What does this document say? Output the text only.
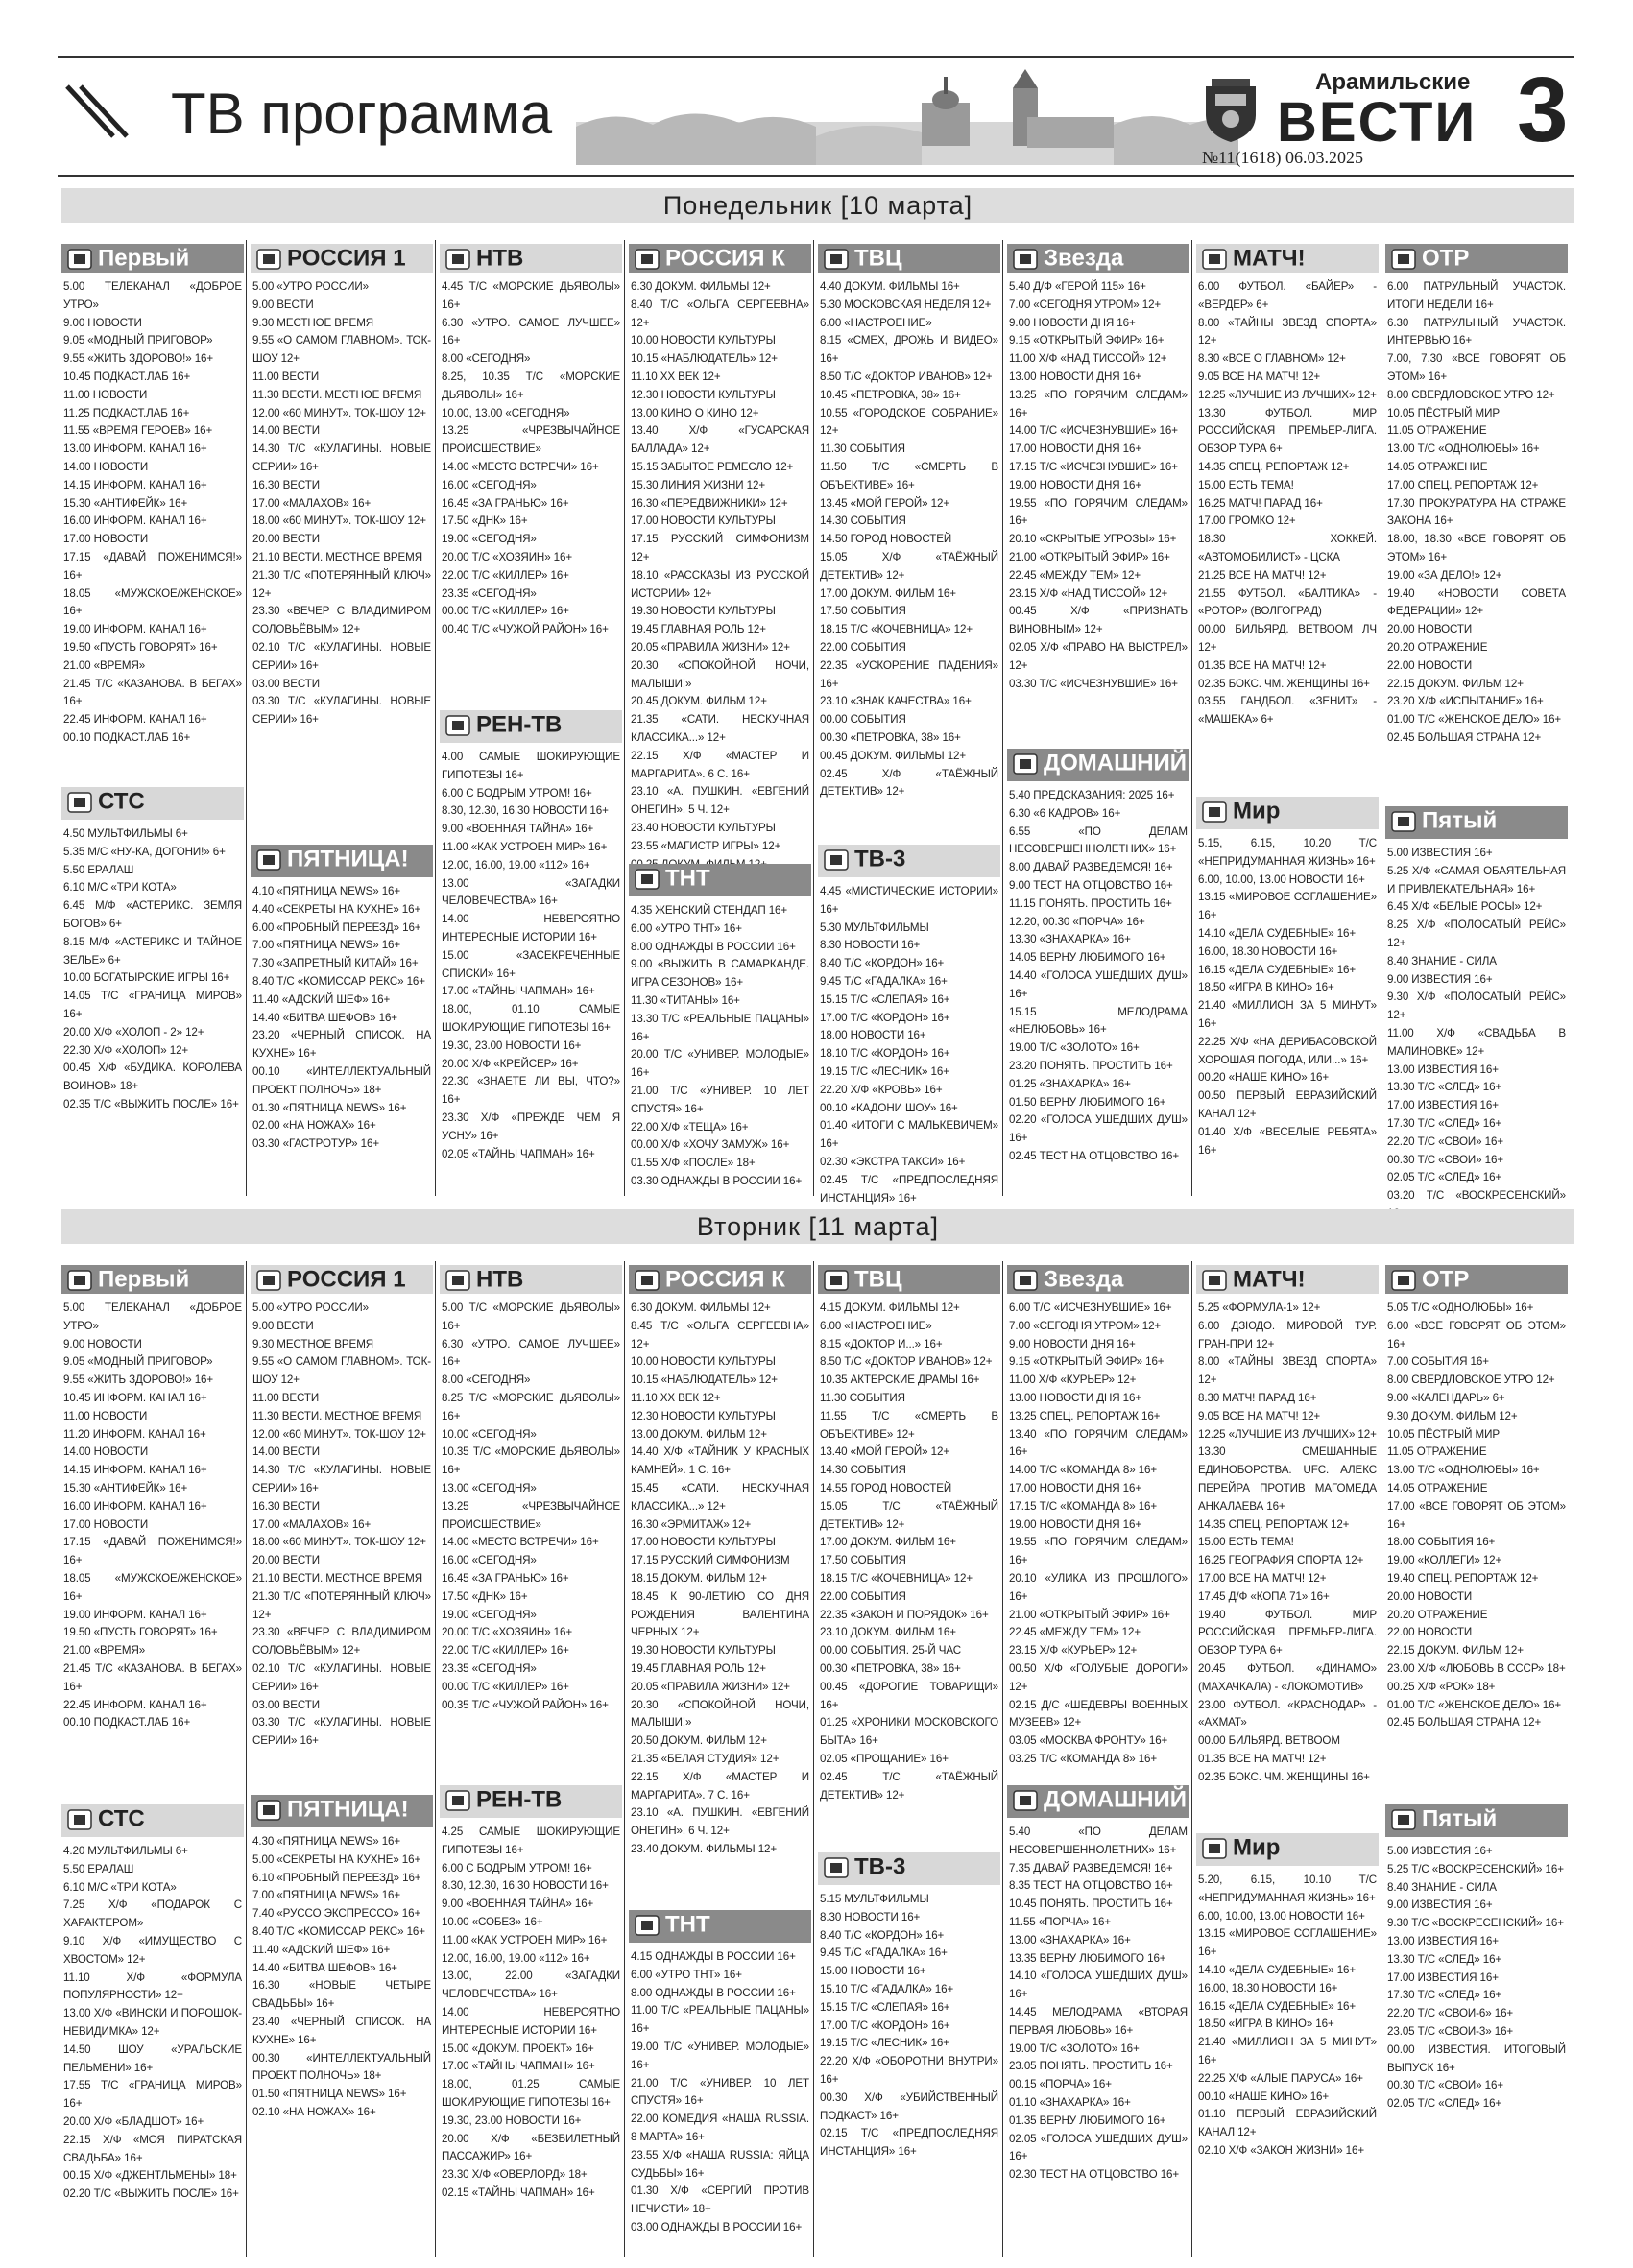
ТВ программа	Арамильские
ВЕСТИ
№11(1618) 06.03.2025 3
Понедельник [10 марта]
Первый
5.00 ТЕЛЕКАНАЛ «ДОБРОЕ УТРО»
9.00 НОВОСТИ
9.05 «МОДНЫЙ ПРИГОВОР»
9.55 «ЖИТЬ ЗДОРОВО!» 16+
10.45 ПОДКАСТ.ЛАБ 16+
11.00 НОВОСТИ
11.25 ПОДКАСТ.ЛАБ 16+
11.55 «ВРЕМЯ ГЕРОЕВ» 16+
13.00 ИНФОРМ. КАНАЛ 16+
14.00 НОВОСТИ
14.15 ИНФОРМ. КАНАЛ 16+
15.30 «АНТИФЕЙК» 16+
16.00 ИНФОРМ. КАНАЛ 16+
17.00 НОВОСТИ
17.15 «ДАВАЙ ПОЖЕНИМСЯ!» 16+
18.05 «МУЖСКОЕ/ЖЕНСКОЕ» 16+
19.00 ИНФОРМ. КАНАЛ 16+
19.50 «ПУСТЬ ГОВОРЯТ» 16+
21.00 «ВРЕМЯ»
21.45 Т/С «КАЗАНОВА. В БЕГАХ» 16+
22.45 ИНФОРМ. КАНАЛ 16+
00.10 ПОДКАСТ.ЛАБ 16+
РОССИЯ 1
5.00 «УТРО РОССИИ»
9.00 ВЕСТИ
9.30 МЕСТНОЕ ВРЕМЯ
9.55 «О САМОМ ГЛАВНОМ». ТОК-ШОУ 12+
11.00 ВЕСТИ
11.30 ВЕСТИ. МЕСТНОЕ ВРЕМЯ
12.00 «60 МИНУТ». ТОК-ШОУ 12+
14.00 ВЕСТИ
14.30 Т/С «КУЛАГИНЫ. НОВЫЕ СЕРИИ» 16+
16.30 ВЕСТИ
17.00 «МАЛАХОВ» 16+
18.00 «60 МИНУТ». ТОК-ШОУ 12+
20.00 ВЕСТИ
21.10 ВЕСТИ. МЕСТНОЕ ВРЕМЯ
21.30 Т/С «ПОТЕРЯННЫЙ КЛЮЧ» 12+
23.30 «ВЕЧЕР С ВЛАДИМИРОМ СОЛОВЬЁВЫМ» 12+
02.10 Т/С «КУЛАГИНЫ. НОВЫЕ СЕРИИ» 16+
03.00 ВЕСТИ
03.30 Т/С «КУЛАГИНЫ. НОВЫЕ СЕРИИ» 16+
НТВ
4.45 Т/С «МОРСКИЕ ДЬЯВОЛЫ» 16+
6.30 «УТРО. САМОЕ ЛУЧШЕЕ» 16+
8.00 «СЕГОДНЯ»
8.25, 10.35 Т/С «МОРСКИЕ ДЬЯВОЛЫ» 16+
10.00, 13.00 «СЕГОДНЯ»
13.25 «ЧРЕЗВЫЧАЙНОЕ ПРОИСШЕСТВИЕ»
14.00 «МЕСТО ВСТРЕЧИ» 16+
16.00 «СЕГОДНЯ»
16.45 «ЗА ГРАНЬЮ» 16+
17.50 «ДНК» 16+
19.00 «СЕГОДНЯ»
20.00 Т/С «ХОЗЯИН» 16+
22.00 Т/С «КИЛЛЕР» 16+
23.35 «СЕГОДНЯ»
00.00 Т/С «КИЛЛЕР» 16+
00.40 Т/С «ЧУЖОЙ РАЙОН» 16+
РОССИЯ К
6.30 ДОКУМ. ФИЛЬМЫ 12+
8.40 Т/С «ОЛЬГА СЕРГЕЕВНА» 12+
10.00 НОВОСТИ КУЛЬТУРЫ
10.15 «НАБЛЮДАТЕЛЬ» 12+
11.10 XX ВЕК 12+
12.30 НОВОСТИ КУЛЬТУРЫ
13.00 КИНО О КИНО 12+
13.40 Х/Ф «ГУСАРСКАЯ БАЛЛАДА» 12+
15.15 ЗАБЫТОЕ РЕМЕСЛО 12+
15.30 ЛИНИЯ ЖИЗНИ 12+
16.30 «ПЕРЕДВИЖНИКИ» 12+
17.00 НОВОСТИ КУЛЬТУРЫ
17.15 РУССКИЙ СИМФОНИЗМ 12+
18.10 «РАССКАЗЫ ИЗ РУССКОЙ ИСТОРИИ» 12+
19.30 НОВОСТИ КУЛЬТУРЫ
19.45 ГЛАВНАЯ РОЛЬ 12+
20.05 «ПРАВИЛА ЖИЗНИ» 12+
20.30 «СПОКОЙНОЙ НОЧИ, МАЛЫШИ!»
20.45 ДОКУМ. ФИЛЬМ 12+
21.35 «САТИ. НЕСКУЧНАЯ КЛАССИКА...» 12+
22.15 Х/Ф «МАСТЕР И МАРГАРИТА». 6 С. 16+
23.10 «А. ПУШКИН. «ЕВГЕНИЙ ОНЕГИН». 5 Ч. 12+
23.40 НОВОСТИ КУЛЬТУРЫ
23.55 «МАГИСТР ИГРЫ» 12+
ТВЦ
4.40 ДОКУМ. ФИЛЬМЫ 16+
5.30 МОСКОВСКАЯ НЕДЕЛЯ 12+
6.00 «НАСТРОЕНИЕ»
8.15 «СМЕХ, ДРОЖЬ И ВИДЕО» 16+
8.50 Т/С «ДОКТОР ИВАНОВ» 12+
10.45 «ПЕТРОВКА, 38» 16+
10.55 «ГОРОДСКОЕ СОБРАНИЕ» 12+
11.30 СОБЫТИЯ
11.50 Т/С «СМЕРТЬ В ОБЪЕКТИВЕ» 16+
13.45 «МОЙ ГЕРОЙ» 12+
14.30 СОБЫТИЯ
14.50 ГОРОД НОВОСТЕЙ
15.05 Х/Ф «ТАЁЖНЫЙ ДЕТЕКТИВ» 12+
17.00 ДОКУМ. ФИЛЬМ 16+
17.50 СОБЫТИЯ
18.15 Т/С «КОЧЕВНИЦА» 12+
22.00 СОБЫТИЯ
22.35 «УСКОРЕНИЕ ПАДЕНИЯ» 16+
23.10 «ЗНАК КАЧЕСТВА» 16+
00.00 СОБЫТИЯ
00.30 «ПЕТРОВКА, 38» 16+
00.45 ДОКУМ. ФИЛЬМЫ 12+
02.45 Х/Ф «ТАЁЖНЫЙ ДЕТЕКТИВ» 12+
Звезда
5.40 Д/Ф «ГЕРОЙ 115» 16+
7.00 «СЕГОДНЯ УТРОМ» 12+
9.00 НОВОСТИ ДНЯ 16+
9.15 «ОТКРЫТЫЙ ЭФИР» 16+
11.00 Х/Ф «НАД ТИССОЙ» 12+
13.00 НОВОСТИ ДНЯ 16+
13.25 «ПО ГОРЯЧИМ СЛЕДАМ» 16+
14.00 Т/С «ИСЧЕЗНУВШИЕ» 16+
17.00 НОВОСТИ ДНЯ 16+
17.15 Т/С «ИСЧЕЗНУВШИЕ» 16+
19.00 НОВОСТИ ДНЯ 16+
19.55 «ПО ГОРЯЧИМ СЛЕДАМ» 16+
20.10 «СКРЫТЫЕ УГРОЗЫ» 16+
21.00 «ОТКРЫТЫЙ ЭФИР» 16+
22.45 «МЕЖДУ ТЕМ» 12+
23.15 Х/Ф «НАД ТИССОЙ» 12+
00.45 Х/Ф «ПРИЗНАТЬ ВИНОВНЫМ» 12+
02.05 Х/Ф «ПРАВО НА ВЫСТРЕЛ» 12+
03.30 Т/С «ИСЧЕЗНУВШИЕ» 16+
МАТЧ!
6.00 ФУТБОЛ. «БАЙЕР» - «ВЕРДЕР» 6+
8.00 «ТАЙНЫ ЗВЕЗД СПОРТА» 12+
8.30 «ВСЕ О ГЛАВНОМ» 12+
9.05 ВСЕ НА МАТЧ! 12+
12.25 «ЛУЧШИЕ ИЗ ЛУЧШИХ» 12+
13.30 ФУТБОЛ. МИР РОССИЙСКАЯ ПРЕМЬЕР-ЛИГА. ОБЗОР ТУРА 6+
14.35 СПЕЦ. РЕПОРТАЖ 12+
15.00 ЕСТЬ ТЕМА!
16.25 МАТЧ! ПАРАД 16+
17.00 ГРОМКО 12+
18.30 ХОККЕЙ. «АВТОМОБИЛИСТ» - ЦСКА
21.25 ВСЕ НА МАТЧ! 12+
21.55 ФУТБОЛ. «БАЛТИКА» - «РОТОР» (ВОЛГОГРАД)
00.00 БИЛЬЯРД. ВЕТВООМ ЛЧ 12+
01.35 ВСЕ НА МАТЧ! 12+
02.35 БОКС. ЧМ. ЖЕНЩИНЫ 16+
03.55 ГАНДБОЛ. «ЗЕНИТ» - «МАШЕКА» 6+
ОТР
6.00 ПАТРУЛЬНЫЙ УЧАСТОК. ИТОГИ НЕДЕЛИ 16+
6.30 ПАТРУЛЬНЫЙ УЧАСТОК. ИНТЕРВЬЮ 16+
7.00, 7.30 «ВСЕ ГОВОРЯТ ОБ ЭТОМ» 16+
8.00 СВЕРДЛОВСКОЕ УТРО 12+
10.05 ПЁСТРЫЙ МИР
11.05 ОТРАЖЕНИЕ
13.00 Т/С «ОДНОЛЮБЫ» 16+
14.05 ОТРАЖЕНИЕ
17.00 СПЕЦ. РЕПОРТАЖ 12+
17.30 ПРОКУРАТУРА НА СТРАЖЕ ЗАКОНА 16+
18.00, 18.30 «ВСЕ ГОВОРЯТ ОБ ЭТОМ» 16+
19.00 «ЗА ДЕЛО!» 12+
19.40 «НОВОСТИ СОВЕТА ФЕДЕРАЦИИ» 12+
20.00 НОВОСТИ
20.20 ОТРАЖЕНИЕ
22.00 НОВОСТИ
22.15 ДОКУМ. ФИЛЬМ 12+
23.20 Х/Ф «ИСПЫТАНИЕ» 16+
01.00 Т/С «ЖЕНСКОЕ ДЕЛО» 16+
02.45 БОЛЬШАЯ СТРАНА 12+
СТС
4.50 МУЛЬТФИЛЬМЫ 6+
5.35 М/С «НУ-КА, ДОГОНИ!» 6+
5.50 ЕРАЛАШ
6.10 М/С «ТРИ КОТА»
6.45 М/Ф «АСТЕРИКС. ЗЕМЛЯ БОГОВ» 6+
8.15 М/Ф «АСТЕРИКС И ТАЙНОЕ ЗЕЛЬЕ» 6+
10.00 БОГАТЫРСКИЕ ИГРЫ 16+
14.05 Т/С «ГРАНИЦА МИРОВ» 16+
20.00 Х/Ф «ХОЛОП - 2» 12+
22.30 Х/Ф «ХОЛОП» 12+
00.45 Х/Ф «БУДИКА. КОРОЛЕВА ВОИНОВ» 18+
02.35 Т/С «ВЫЖИТЬ ПОСЛЕ» 16+
ПЯТНИЦА!
4.10 «ПЯТНИЦА NEWS» 16+
4.40 «СЕКРЕТЫ НА КУХНЕ» 16+
6.00 «ПРОБНЫЙ ПЕРЕЕЗД» 16+
7.00 «ПЯТНИЦА NEWS» 16+
7.30 «ЗАПРЕТНЫЙ КИТАЙ» 16+
8.40 Т/С «КОМИССАР РЕКС» 16+
11.40 «АДСКИЙ ШЕФ» 16+
14.40 «БИТВА ШЕФОВ» 16+
23.20 «ЧЕРНЫЙ СПИСОК. НА КУХНЕ» 16+
00.10 «ИНТЕЛЛЕКТУАЛЬНЫЙ ПРОЕКТ ПОЛНОЧЬ» 18+
01.30 «ПЯТНИЦА NEWS» 16+
02.00 «НА НОЖАХ» 16+
03.30 «ГАСТРОТУР» 16+
РЕН-ТВ
4.00 САМЫЕ ШОКИРУЮЩИЕ ГИПОТЕЗЫ 16+
6.00 С БОДРЫМ УТРОМ! 16+
8.30, 12.30, 16.30 НОВОСТИ 16+
9.00 «ВОЕННАЯ ТАЙНА» 16+
11.00 «КАК УСТРОЕН МИР» 16+
12.00, 16.00, 19.00 «112» 16+
13.00 «ЗАГАДКИ ЧЕЛОВЕЧЕСТВА» 16+
14.00 НЕВЕРОЯТНО ИНТЕРЕСНЫЕ ИСТОРИИ 16+
15.00 «ЗАСЕКРЕЧЕННЫЕ СПИСКИ» 16+
17.00 «ТАЙНЫ ЧАПМАН» 16+
18.00, 01.10 САМЫЕ ШОКИРУЮЩИЕ ГИПОТЕЗЫ 16+
19.30, 23.00 НОВОСТИ 16+
20.00 Х/Ф «КРЕЙСЕР» 16+
22.30 «ЗНАЕТЕ ЛИ ВЫ, ЧТО?» 16+
23.30 Х/Ф «ПРЕЖДЕ ЧЕМ Я УСНУ» 16+
02.05 «ТАЙНЫ ЧАПМАН» 16+
ТНТ
4.35 ЖЕНСКИЙ СТЕНДАП 16+
6.00 «УТРО ТНТ» 16+
8.00 ОДНАЖДЫ В РОССИИ 16+
9.00 «ВЫЖИТЬ В САМАРКАНДЕ. ИГРА СЕЗОНОВ» 16+
11.30 «ТИТАНЫ» 16+
13.30 Т/С «РЕАЛЬНЫЕ ПАЦАНЫ» 16+
20.00 Т/С «УНИВЕР. МОЛОДЫЕ» 16+
21.00 Т/С «УНИВЕР. 10 ЛЕТ СПУСТЯ» 16+
22.00 Х/Ф «ТЕЩА» 16+
00.00 Х/Ф «ХОЧУ ЗАМУЖ» 16+
01.55 Х/Ф «ПОСЛЕ» 18+
03.30 ОДНАЖДЫ В РОССИИ 16+
ТВ-3
4.45 «МИСТИЧЕСКИЕ ИСТОРИИ» 16+
5.30 МУЛЬТФИЛЬМЫ
8.30 НОВОСТИ 16+
8.40 Т/С «КОРДОН» 16+
9.45 Т/С «ГАДАЛКА» 16+
15.15 Т/С «СЛЕПАЯ» 16+
17.00 Т/С «КОРДОН» 16+
18.00 НОВОСТИ 16+
18.10 Т/С «КОРДОН» 16+
19.15 Т/С «ЛЕСНИК» 16+
22.20 Х/Ф «КРОВЬ» 16+
00.10 «КАДОНИ ШОУ» 16+
01.40 «ИТОГИ С МАЛЬКЕВИЧЕМ» 16+
02.30 «ЭКСТРА ТАКСИ» 16+
02.45 Т/С «ПРЕДПОСЛЕДНЯЯ ИНСТАНЦИЯ» 16+
ДОМАШНИЙ
5.40 ПРЕДСКАЗАНИЯ: 2025 16+
6.30 «6 КАДРОВ» 16+
6.55 «ПО ДЕЛАМ НЕСОВЕРШЕННОЛЕТНИХ» 16+
8.00 ДАВАЙ РАЗВЕДЕМСЯ! 16+
9.00 ТЕСТ НА ОТЦОВСТВО 16+
11.15 ПОНЯТЬ. ПРОСТИТЬ 16+
12.20, 00.30 «ПОРЧА» 16+
13.30 «ЗНАХАРКА» 16+
14.05 ВЕРНУ ЛЮБИМОГО 16+
14.40 «ГОЛОСА УШЕДШИХ ДУШ» 16+
15.15 МЕЛОДРАМА «НЕЛЮБОВЬ» 16+
19.00 Т/С «ЗОЛОТО» 16+
23.20 ПОНЯТЬ. ПРОСТИТЬ 16+
01.25 «ЗНАХАРКА» 16+
01.50 ВЕРНУ ЛЮБИМОГО 16+
02.20 «ГОЛОСА УШЕДШИХ ДУШ» 16+
02.45 ТЕСТ НА ОТЦОВСТВО 16+
Мир
5.15, 6.15, 10.20 Т/С «НЕПРИДУМАННАЯ ЖИЗНЬ» 16+
6.00, 10.00, 13.00 НОВОСТИ 16+
13.15 «МИРОВОЕ СОГЛАШЕНИЕ» 16+
14.10 «ДЕЛА СУДЕБНЫЕ» 16+
16.00, 18.30 НОВОСТИ 16+
16.15 «ДЕЛА СУДЕБНЫЕ» 16+
18.50 «ИГРА В КИНО» 16+
21.40 «МИЛЛИОН ЗА 5 МИНУТ» 16+
22.25 Х/Ф «НА ДЕРИБАСОВСКОЙ ХОРОШАЯ ПОГОДА, ИЛИ...» 16+
00.20 «НАШЕ КИНО» 16+
00.50 ПЕРВЫЙ ЕВРАЗИЙСКИЙ КАНАЛ 12+
01.40 Х/Ф «ВЕСЕЛЫЕ РЕБЯТА» 16+
Пятый
5.00 ИЗВЕСТИЯ 16+
5.25 Х/Ф «САМАЯ ОБАЯТЕЛЬНАЯ И ПРИВЛЕКАТЕЛЬНАЯ» 16+
6.45 Х/Ф «БЕЛЫЕ РОСЫ» 12+
8.25 Х/Ф «ПОЛОСАТЫЙ РЕЙС» 12+
8.40 ЗНАНИЕ - СИЛА
9.00 ИЗВЕСТИЯ 16+
9.30 Х/Ф «ПОЛОСАТЫЙ РЕЙС» 12+
11.00 Х/Ф «СВАДЬБА В МАЛИНОВКЕ» 12+
13.00 ИЗВЕСТИЯ 16+
13.30 Т/С «СЛЕД» 16+
17.00 ИЗВЕСТИЯ 16+
17.30 Т/С «СЛЕД» 16+
22.20 Т/С «СВОИ» 16+
00.30 Т/С «СВОИ» 16+
02.05 Т/С «СЛЕД» 16+
03.20 Т/С «ВОСКРЕСЕНСКИЙ»
Вторник [11 марта]
Первый
5.00 ТЕЛЕКАНАЛ «ДОБРОЕ УТРО»
9.00 НОВОСТИ
9.05 «МОДНЫЙ ПРИГОВОР»
9.55 «ЖИТЬ ЗДОРОВО!» 16+
10.45 ИНФОРМ. КАНАЛ 16+
11.00 НОВОСТИ
11.20 ИНФОРМ. КАНАЛ 16+
14.00 НОВОСТИ
14.15 ИНФОРМ. КАНАЛ 16+
15.30 «АНТИФЕЙК» 16+
16.00 ИНФОРМ. КАНАЛ 16+
17.00 НОВОСТИ
17.15 «ДАВАЙ ПОЖЕНИМСЯ!» 16+
18.05 «МУЖСКОЕ/ЖЕНСКОЕ» 16+
19.00 ИНФОРМ. КАНАЛ 16+
19.50 «ПУСТЬ ГОВОРЯТ» 16+
21.00 «ВРЕМЯ»
21.45 Т/С «КАЗАНОВА. В БЕГАХ» 16+
22.45 ИНФОРМ. КАНАЛ 16+
00.10 ПОДКАСТ.ЛАБ 16+
РОССИЯ 1
5.00 «УТРО РОССИИ»
9.00 ВЕСТИ
9.30 МЕСТНОЕ ВРЕМЯ
9.55 «О САМОМ ГЛАВНОМ». ТОК-ШОУ 12+
11.00 ВЕСТИ
11.30 ВЕСТИ. МЕСТНОЕ ВРЕМЯ
12.00 «60 МИНУТ». ТОК-ШОУ 12+
14.00 ВЕСТИ
14.30 Т/С «КУЛАГИНЫ. НОВЫЕ СЕРИИ» 16+
16.30 ВЕСТИ
17.00 «МАЛАХОВ» 16+
18.00 «60 МИНУТ». ТОК-ШОУ 12+
20.00 ВЕСТИ
21.10 ВЕСТИ. МЕСТНОЕ ВРЕМЯ
21.30 Т/С «ПОТЕРЯННЫЙ КЛЮЧ» 12+
23.30 «ВЕЧЕР С ВЛАДИМИРОМ СОЛОВЬЁВЫМ» 12+
02.10 Т/С «КУЛАГИНЫ. НОВЫЕ СЕРИИ» 16+
03.00 ВЕСТИ
03.30 Т/С «КУЛАГИНЫ. НОВЫЕ СЕРИИ» 16+
НТВ
5.00 Т/С «МОРСКИЕ ДЬЯВОЛЫ» 16+
6.30 «УТРО. САМОЕ ЛУЧШЕЕ» 16+
8.00 «СЕГОДНЯ»
8.25 Т/С «МОРСКИЕ ДЬЯВОЛЫ» 16+
10.00 «СЕГОДНЯ»
10.35 Т/С «МОРСКИЕ ДЬЯВОЛЫ» 16+
13.00 «СЕГОДНЯ»
13.25 «ЧРЕЗВЫЧАЙНОЕ ПРОИСШЕСТВИЕ»
14.00 «МЕСТО ВСТРЕЧИ» 16+
16.00 «СЕГОДНЯ»
16.45 «ЗА ГРАНЬЮ» 16+
17.50 «ДНК» 16+
19.00 «СЕГОДНЯ»
20.00 Т/С «ХОЗЯИН» 16+
22.00 Т/С «КИЛЛЕР» 16+
23.35 «СЕГОДНЯ»
00.00 Т/С «КИЛЛЕР» 16+
00.35 Т/С «ЧУЖОЙ РАЙОН» 16+
РОССИЯ К
6.30 ДОКУМ. ФИЛЬМЫ 12+
8.45 Т/С «ОЛЬГА СЕРГЕЕВНА» 12+
10.00 НОВОСТИ КУЛЬТУРЫ
10.15 «НАБЛЮДАТЕЛЬ» 12+
11.10 XX ВЕК 12+
12.30 НОВОСТИ КУЛЬТУРЫ
13.00 ДОКУМ. ФИЛЬМ 12+
14.40 Х/Ф «ТАЙНИК У КРАСНЫХ КАМНЕЙ». 1 С. 16+
15.45 «САТИ. НЕСКУЧНАЯ КЛАССИКА...» 12+
16.30 «ЭРМИТАЖ» 12+
17.00 НОВОСТИ КУЛЬТУРЫ
17.15 РУССКИЙ СИМФОНИЗМ
18.15 ДОКУМ. ФИЛЬМ 12+
18.45 К 90-ЛЕТИЮ СО ДНЯ РОЖДЕНИЯ ВАЛЕНТИНА ЧЕРНЫХ 12+
19.30 НОВОСТИ КУЛЬТУРЫ
19.45 ГЛАВНАЯ РОЛЬ 12+
20.05 «ПРАВИЛА ЖИЗНИ» 12+
20.30 «СПОКОЙНОЙ НОЧИ, МАЛЫШИ!»
20.50 ДОКУМ. ФИЛЬМ 12+
21.35 «БЕЛАЯ СТУДИЯ» 12+
22.15 Х/Ф «МАСТЕР И МАРГАРИТА». 7 С. 16+
23.10 «А. ПУШКИН. «ЕВГЕНИЙ ОНЕГИН». 6 Ч. 12+
23.40 ДОКУМ. ФИЛЬМЫ 12+
ТВЦ
4.15 ДОКУМ. ФИЛЬМЫ 12+
6.00 «НАСТРОЕНИЕ»
8.15 «ДОКТОР И...» 16+
8.50 Т/С «ДОКТОР ИВАНОВ» 12+
10.35 АКТЕРСКИЕ ДРАМЫ 16+
11.30 СОБЫТИЯ
11.55 Т/С «СМЕРТЬ В ОБЪЕКТИВЕ» 12+
13.40 «МОЙ ГЕРОЙ» 12+
14.30 СОБЫТИЯ
14.55 ГОРОД НОВОСТЕЙ
15.05 Т/С «ТАЁЖНЫЙ ДЕТЕКТИВ» 12+
17.00 ДОКУМ. ФИЛЬМ 16+
17.50 СОБЫТИЯ
18.15 Т/С «КОЧЕВНИЦА» 12+
22.00 СОБЫТИЯ
22.35 «ЗАКОН И ПОРЯДОК» 16+
23.10 ДОКУМ. ФИЛЬМ 16+
00.00 СОБЫТИЯ. 25-Й ЧАС
00.30 «ПЕТРОВКА, 38» 16+
00.45 «ДОРОГИЕ ТОВАРИЩИ» 16+
01.25 «ХРОНИКИ МОСКОВСКОГО БЫТА» 16+
02.05 «ПРОЩАНИЕ» 16+
02.45 Т/С «ТАЁЖНЫЙ ДЕТЕКТИВ» 12+
Звезда
6.00 Т/С «ИСЧЕЗНУВШИЕ» 16+
7.00 «СЕГОДНЯ УТРОМ» 12+
9.00 НОВОСТИ ДНЯ 16+
9.15 «ОТКРЫТЫЙ ЭФИР» 16+
11.00 Х/Ф «КУРЬЕР» 12+
13.00 НОВОСТИ ДНЯ 16+
13.25 СПЕЦ. РЕПОРТАЖ 16+
13.40 «ПО ГОРЯЧИМ СЛЕДАМ» 16+
14.00 Т/С «КОМАНДА 8» 16+
17.00 НОВОСТИ ДНЯ 16+
17.15 Т/С «КОМАНДА 8» 16+
19.00 НОВОСТИ ДНЯ 16+
19.55 «ПО ГОРЯЧИМ СЛЕДАМ» 16+
20.10 «УЛИКА ИЗ ПРОШЛОГО» 16+
21.00 «ОТКРЫТЫЙ ЭФИР» 16+
22.45 «МЕЖДУ ТЕМ» 12+
23.15 Х/Ф «КУРЬЕР» 12+
00.50 Х/Ф «ГОЛУБЫЕ ДОРОГИ» 12+
02.15 Д/С «ШЕДЕВРЫ ВОЕННЫХ МУЗЕЕВ» 12+
03.05 «МОСКВА ФРОНТУ» 16+
03.25 Т/С «КОМАНДА 8» 16+
МАТЧ!
5.25 «ФОРМУЛА-1» 12+
6.00 ДЗЮДО. МИРОВОЙ ТУР. ГРАН-ПРИ 12+
8.00 «ТАЙНЫ ЗВЕЗД СПОРТА» 12+
8.30 МАТЧ! ПАРАД 16+
9.05 ВСЕ НА МАТЧ! 12+
12.25 «ЛУЧШИЕ ИЗ ЛУЧШИХ» 12+
13.30 СМЕШАННЫЕ ЕДИНОБОРСТВА. UFC. АЛЕКС ПЕРЕЙРА ПРОТИВ МАГОМЕДА АНКАЛАЕВА 16+
14.35 СПЕЦ. РЕПОРТАЖ 12+
15.00 ЕСТЬ ТЕМА!
16.25 ГЕОГРАФИЯ СПОРТА 12+
17.00 ВСЕ НА МАТЧ! 12+
17.45 Д/Ф «КОПА 71» 16+
19.40 ФУТБОЛ. МИР РОССИЙСКАЯ ПРЕМЬЕР-ЛИГА. ОБЗОР ТУРА 6+
20.45 ФУТБОЛ. «ДИНАМО» (МАХАЧКАЛА) - «ЛОКОМОТИВ»
23.00 ФУТБОЛ. «КРАСНОДАР» - «АХМАТ»
00.00 БИЛЬЯРД. ВЕТВООМ
01.35 ВСЕ НА МАТЧ! 12+
02.35 БОКС. ЧМ. ЖЕНЩИНЫ 16+
ОТР
5.05 Т/С «ОДНОЛЮБЫ» 16+
6.00 «ВСЕ ГОВОРЯТ ОБ ЭТОМ» 16+
7.00 СОБЫТИЯ 16+
8.00 СВЕРДЛОВСКОЕ УТРО 12+
9.00 «КАЛЕНДАРЬ» 6+
9.30 ДОКУМ. ФИЛЬМ 12+
10.05 ПЁСТРЫЙ МИР
11.05 ОТРАЖЕНИЕ
13.00 Т/С «ОДНОЛЮБЫ» 16+
14.05 ОТРАЖЕНИЕ
17.00 «ВСЕ ГОВОРЯТ ОБ ЭТОМ» 16+
18.00 СОБЫТИЯ 16+
19.00 «КОЛЛЕГИ» 12+
19.40 СПЕЦ. РЕПОРТАЖ 12+
20.00 НОВОСТИ
20.20 ОТРАЖЕНИЕ
22.00 НОВОСТИ
22.15 ДОКУМ. ФИЛЬМ 12+
23.00 Х/Ф «ЛЮБОВЬ В СССР» 18+
00.25 Х/Ф «РОК» 18+
01.00 Т/С «ЖЕНСКОЕ ДЕЛО» 16+
02.45 БОЛЬШАЯ СТРАНА 12+
СТС
4.20 МУЛЬТФИЛЬМЫ 6+
5.50 ЕРАЛАШ
6.10 М/С «ТРИ КОТА»
7.25 Х/Ф «ПОДАРОК С ХАРАКТЕРОМ»
9.10 Х/Ф «ИМУЩЕСТВО С ХВОСТОМ» 12+
11.10 Х/Ф «ФОРМУЛА ПОПУЛЯРНОСТИ» 12+
13.00 Х/Ф «ВИНСКИ И ПОРОШОК-НЕВИДИМКА» 12+
14.50 ШОУ «УРАЛЬСКИЕ ПЕЛЬМЕНИ» 16+
17.55 Т/С «ГРАНИЦА МИРОВ» 16+
20.00 Х/Ф «БЛАДШОТ» 16+
22.15 Х/Ф «МОЯ ПИРАТСКАЯ СВАДЬБА» 16+
00.15 Х/Ф «ДЖЕНТЛЬМЕНЫ» 18+
02.20 Т/С «ВЫЖИТЬ ПОСЛЕ» 16+
ПЯТНИЦА!
4.30 «ПЯТНИЦА NEWS» 16+
5.00 «СЕКРЕТЫ НА КУХНЕ» 16+
6.10 «ПРОБНЫЙ ПЕРЕЕЗД» 16+
7.00 «ПЯТНИЦА NEWS» 16+
7.40 «РУССО ЭКСПРЕССО» 16+
8.40 Т/С «КОМИССАР РЕКС» 16+
11.40 «АДСКИЙ ШЕФ» 16+
14.40 «БИТВА ШЕФОВ» 16+
16.30 «НОВЫЕ ЧЕТЫРЕ СВАДЬБЫ» 16+
23.40 «ЧЕРНЫЙ СПИСОК. НА КУХНЕ» 16+
00.30 «ИНТЕЛЛЕКТУАЛЬНЫЙ ПРОЕКТ ПОЛНОЧЬ» 18+
01.50 «ПЯТНИЦА NEWS» 16+
02.10 «НА НОЖАХ» 16+
РЕН-ТВ
4.25 САМЫЕ ШОКИРУЮЩИЕ ГИПОТЕЗЫ 16+
6.00 С БОДРЫМ УТРОМ! 16+
8.30, 12.30, 16.30 НОВОСТИ 16+
9.00 «ВОЕННАЯ ТАЙНА» 16+
10.00 «СОБЕЗ» 16+
11.00 «КАК УСТРОЕН МИР» 16+
12.00, 16.00, 19.00 «112» 16+
13.00, 22.00 «ЗАГАДКИ ЧЕЛОВЕЧЕСТВА» 16+
14.00 НЕВЕРОЯТНО ИНТЕРЕСНЫЕ ИСТОРИИ 16+
15.00 «ДОКУМ. ПРОЕКТ» 16+
17.00 «ТАЙНЫ ЧАПМАН» 16+
18.00, 01.25 САМЫЕ ШОКИРУЮЩИЕ ГИПОТЕЗЫ 16+
19.30, 23.00 НОВОСТИ 16+
20.00 Х/Ф «БЕЗБИЛЕТНЫЙ ПАССАЖИР» 16+
23.30 Х/Ф «ОВЕРЛОРД» 18+
02.15 «ТАЙНЫ ЧАПМАН» 16+
ТНТ
4.15 ОДНАЖДЫ В РОССИИ 16+
6.00 «УТРО ТНТ» 16+
8.00 ОДНАЖДЫ В РОССИИ 16+
11.00 Т/С «РЕАЛЬНЫЕ ПАЦАНЫ» 16+
19.00 Т/С «УНИВЕР. МОЛОДЫЕ» 16+
21.00 Т/С «УНИВЕР. 10 ЛЕТ СПУСТЯ» 16+
22.00 КОМЕДИЯ «НАША RUSSIA. 8 МАРТА» 16+
23.55 Х/Ф «НАША RUSSIA: ЯЙЦА СУДЬБЫ» 16+
01.30 Х/Ф «СЕРГИЙ ПРОТИВ НЕЧИСТИ» 18+
03.00 ОДНАЖДЫ В РОССИИ 16+
ТВ-3
5.15 МУЛЬТФИЛЬМЫ
8.30 НОВОСТИ 16+
8.40 Т/С «КОРДОН» 16+
9.45 Т/С «ГАДАЛКА» 16+
15.00 НОВОСТИ 16+
15.10 Т/С «ГАДАЛКА» 16+
15.15 Т/С «СЛЕПАЯ» 16+
17.00 Т/С «КОРДОН» 16+
19.15 Т/С «ЛЕСНИК» 16+
22.20 Х/Ф «ОБОРОТНИ ВНУТРИ» 16+
00.30 Х/Ф «УБИЙСТВЕННЫЙ ПОДКАСТ» 16+
02.15 Т/С «ПРЕДПОСЛЕДНЯЯ ИНСТАНЦИЯ» 16+
ДОМАШНИЙ
5.40 «ПО ДЕЛАМ НЕСОВЕРШЕННОЛЕТНИХ» 16+
7.35 ДАВАЙ РАЗВЕДЕМСЯ! 16+
8.35 ТЕСТ НА ОТЦОВСТВО 16+
10.45 ПОНЯТЬ. ПРОСТИТЬ 16+
11.55 «ПОРЧА» 16+
13.00 «ЗНАХАРКА» 16+
13.35 ВЕРНУ ЛЮБИМОГО 16+
14.10 «ГОЛОСА УШЕДШИХ ДУШ» 16+
14.45 МЕЛОДРАМА «ВТОРАЯ ПЕРВАЯ ЛЮБОВЬ» 16+
19.00 Т/С «ЗОЛОТО» 16+
23.05 ПОНЯТЬ. ПРОСТИТЬ 16+
00.15 «ПОРЧА» 16+
01.10 «ЗНАХАРКА» 16+
01.35 ВЕРНУ ЛЮБИМОГО 16+
02.05 «ГОЛОСА УШЕДШИХ ДУШ» 16+
02.30 ТЕСТ НА ОТЦОВСТВО 16+
Мир
5.20, 6.15, 10.10 Т/С «НЕПРИДУМАННАЯ ЖИЗНЬ» 16+
6.00, 10.00, 13.00 НОВОСТИ 16+
13.15 «МИРОВОЕ СОГЛАШЕНИЕ» 16+
14.10 «ДЕЛА СУДЕБНЫЕ» 16+
16.00, 18.30 НОВОСТИ 16+
16.15 «ДЕЛА СУДЕБНЫЕ» 16+
18.50 «ИГРА В КИНО» 16+
21.40 «МИЛЛИОН ЗА 5 МИНУТ» 16+
22.25 Х/Ф «АЛЫЕ ПАРУСА» 16+
00.10 «НАШЕ КИНО» 16+
01.10 ПЕРВЫЙ ЕВРАЗИЙСКИЙ КАНАЛ 12+
02.10 Х/Ф «ЗАКОН ЖИЗНИ» 16+
Пятый
5.00 ИЗВЕСТИЯ 16+
5.25 Т/С «ВОСКРЕСЕНСКИЙ» 16+
8.40 ЗНАНИЕ - СИЛА
9.00 ИЗВЕСТИЯ 16+
9.30 Т/С «ВОСКРЕСЕНСКИЙ» 16+
13.00 ИЗВЕСТИЯ 16+
13.30 Т/С «СЛЕД» 16+
17.00 ИЗВЕСТИЯ 16+
17.30 Т/С «СЛЕД» 16+
22.20 Т/С «СВОИ-6» 16+
23.05 Т/С «СВОИ-3» 16+
00.00 ИЗВЕСТИЯ. ИТОГОВЫЙ ВЫПУСК 16+
00.30 Т/С «СВОИ» 16+
02.05 Т/С «СЛЕД» 16+
